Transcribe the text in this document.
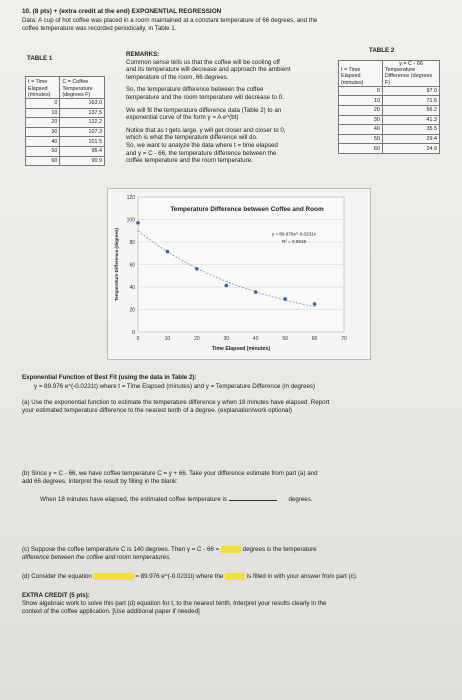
10. (8 pts) + (extra credit at the end) EXPONENTIAL REGRESSION
Data: A cup of hot coffee was placed in a room maintained at a constant temperature of 66 degrees, and the
coffee temperature was recorded periodically, in Table 1.
TABLE 1
t = Time Elapsed (minutes)	C = Coffee Temperature (degrees F)
0	163.0
10	137.5
20	122.2
30	107.3
40	101.5
50	95.4
60	90.9
REMARKS:
Common sense tells us that the coffee will be cooling off
and its temperature will decrease and approach the ambient
temperature of the room, 66 degrees.
So, the temperature difference between the coffee
temperature and the room temperature will decrease to 0.
We will fit the temperature difference data (Table 2) to an
exponential curve of the form y = A e^(bt)
Notice that as t gets large, y will get closer and closer to 0,
which is what the temperature difference will do.
So, we want to analyze the data where t = time elapsed
and y = C - 66, the temperature difference between the
coffee temperature and the room temperature.
TABLE 2
t = Time Elapsed (minutes)	y = C - 66
Temperature Difference (degrees F)

0	97.0
10	71.5
20	56.2
30	41.3
40	35.5
50	29.4
60	24.9
0
20
40
60
80
100
120
0	10	20	30	40	50	60	70
Temperature Difference between Coffee and Room
Time Elapsed (minutes)
Temperature Difference (degrees)	y = 89.976e^-0.0231x
R² = 0.9848
Exponential Function of Best Fit (using the data in Table 2):
y = 89.976 e^(-0.0231t) where t = Time Elapsed (minutes) and y = Temperature Difference (in degrees)
(a) Use the exponential function to estimate the temperature difference y when 18 minutes have elapsed. Report
your estimated temperature difference to the nearest tenth of a degree. (explanation/work optional)
(b) Since y = C - 66, we have coffee temperature C = y + 66. Take your difference estimate from part (a) and
add 66 degrees. Interpret the result by filling in the blank:
When 18 minutes have elapsed, the estimated coffee temperature is	degrees.
(c) Suppose the coffee temperature C is 140 degrees. Then y = C - 66 =	degrees is the temperature
difference between the coffee and room temperatures.
(d) Consider the equation	= 89.976 e^(-0.0231t) where the	is filled in with your answer from part (c).
EXTRA CREDIT (5 pts):
Show algebraic work to solve this part (d) equation for t, to the nearest tenth. Interpret your results clearly in the
context of the coffee application. [Use additional paper if needed]
